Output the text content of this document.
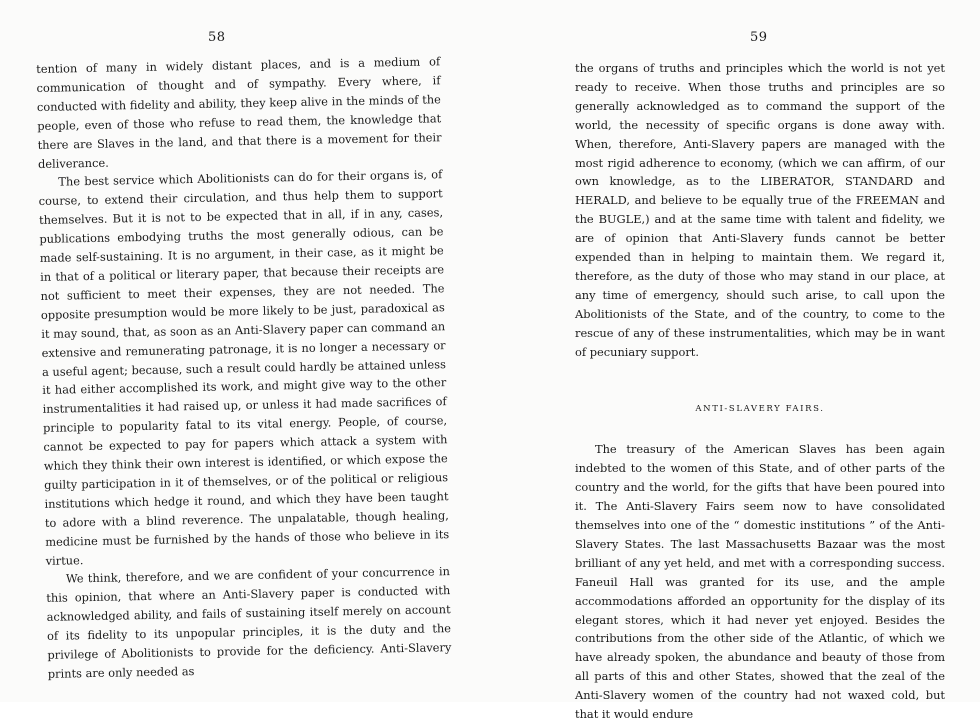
58	59

tention of many in widely distant places, and is a medium of communication of thought and of sympathy. Every where, if conducted with fidelity and ability, they keep alive in the minds of the people, even of those who refuse to read them, the knowledge that there are Slaves in the land, and that there is a movement for their deliverance.

The best service which Abolitionists can do for their organs is, of course, to extend their circulation, and thus help them to support themselves. But it is not to be expected that in all, if in any, cases, publications embodying truths the most generally odious, can be made self-sustaining. It is no argument, in their case, as it might be in that of a political or literary paper, that because their receipts are not sufficient to meet their expenses, they are not needed. The opposite presumption would be more likely to be just, paradoxical as it may sound, that, as soon as an Anti-Slavery paper can command an extensive and remunerating patronage, it is no longer a necessary or a useful agent; because, such a result could hardly be attained unless it had either accomplished its work, and might give way to the other instrumentalities it had raised up, or unless it had made sacrifices of principle to popularity fatal to its vital energy. People, of course, cannot be expected to pay for papers which attack a system with which they think their own interest is identified, or which expose the guilty participation in it of themselves, or of the political or religious institutions which hedge it round, and which they have been taught to adore with a blind reverence. The unpalatable, though healing, medicine must be furnished by the hands of those who believe in its virtue.

We think, therefore, and we are confident of your concurrence in this opinion, that where an Anti-Slavery paper is conducted with acknowledged ability, and fails of sustaining itself merely on account of its fidelity to its unpopular principles, it is the duty and the privilege of Abolitionists to provide for the deficiency. Anti-Slavery prints are only needed as

the organs of truths and principles which the world is not yet ready to receive. When those truths and principles are so generally acknowledged as to command the support of the world, the necessity of specific organs is done away with. When, therefore, Anti-Slavery papers are managed with the most rigid adherence to economy, (which we can affirm, of our own knowledge, as to the LIBERATOR, STANDARD and HERALD, and believe to be equally true of the FREEMAN and the BUGLE,) and at the same time with talent and fidelity, we are of opinion that Anti-Slavery funds cannot be better expended than in helping to maintain them. We regard it, therefore, as the duty of those who may stand in our place, at any time of emergency, should such arise, to call upon the Abolitionists of the State, and of the country, to come to the rescue of any of these instrumentalities, which may be in want of pecuniary support.

ANTI-SLAVERY FAIRS.

The treasury of the American Slaves has been again indebted to the women of this State, and of other parts of the country and the world, for the gifts that have been poured into it. The Anti-Slavery Fairs seem now to have consolidated themselves into one of the “ domestic institutions ” of the Anti-Slavery States. The last Massachusetts Bazaar was the most brilliant of any yet held, and met with a corresponding success. Faneuil Hall was granted for its use, and the ample accommodations afforded an opportunity for the display of its elegant stores, which it had never yet enjoyed. Besides the contributions from the other side of the Atlantic, of which we have already spoken, the abundance and beauty of those from all parts of this and other States, showed that the zeal of the Anti-Slavery women of the country had not waxed cold, but that it would endure
